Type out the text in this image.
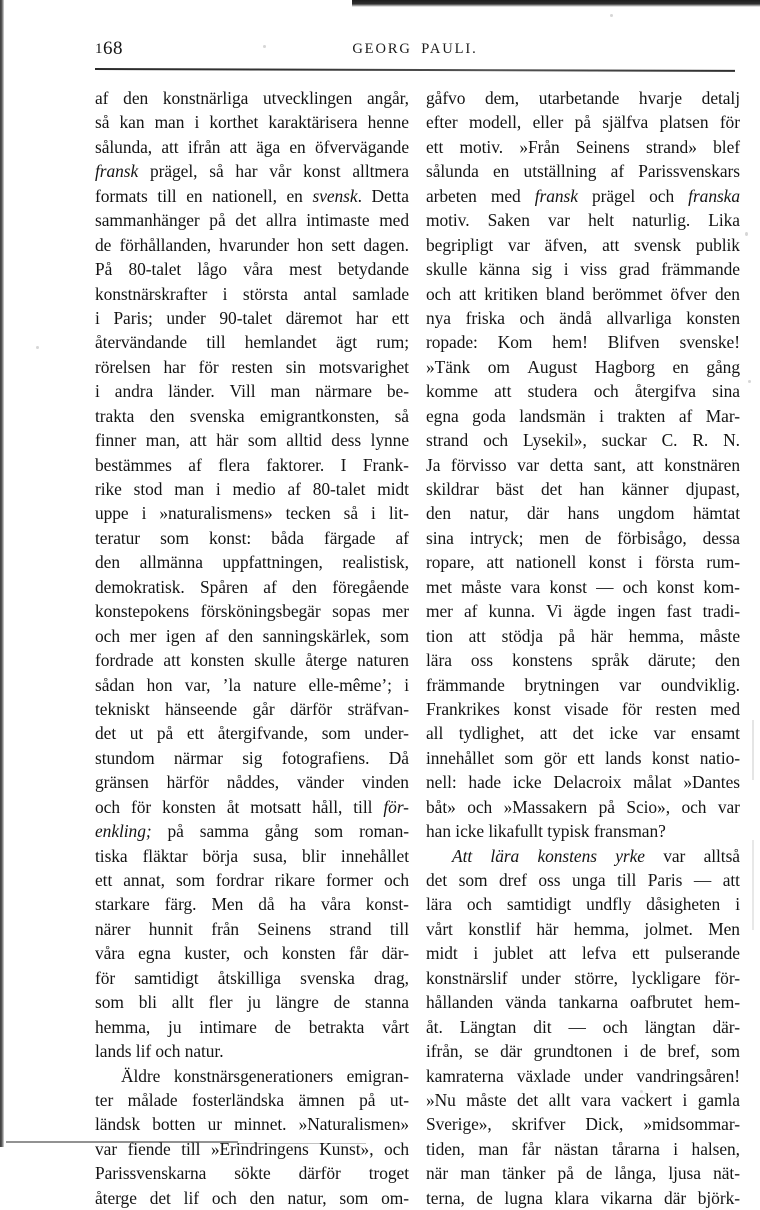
168	GEORG PAULI.
af den konstnärliga utvecklingen angår,
så kan man i korthet karaktärisera henne
sålunda, att ifrån att äga en öfvervägande
fransk prägel, så har vår konst alltmera
formats till en nationell, en svensk. Detta
sammanhänger på det allra intimaste med
de förhållanden, hvarunder hon sett dagen.
På 80-talet lågo våra mest betydande
konstnärskrafter i största antal samlade
i Paris; under 90-talet däremot har ett
återvändande till hemlandet ägt rum;
rörelsen har för resten sin motsvarighet
i andra länder. Vill man närmare be-
trakta den svenska emigrantkonsten, så
finner man, att här som alltid dess lynne
bestämmes af flera faktorer. I Frank-
rike stod man i medio af 80-talet midt
uppe i »naturalismens» tecken så i lit-
teratur som konst: båda färgade af
den allmänna uppfattningen, realistisk,
demokratisk. Spåren af den föregående
konstepokens försköningsbegär sopas mer
och mer igen af den sanningskärlek, som
fordrade att konsten skulle återge naturen
sådan hon var, ’la nature elle-même’; i
tekniskt hänseende går därför sträfvan-
det ut på ett återgifvande, som under-
stundom närmar sig fotografiens. Då
gränsen härför nåddes, vänder vinden
och för konsten åt motsatt håll, till för-
enkling; på samma gång som roman-
tiska fläktar börja susa, blir innehållet
ett annat, som fordrar rikare former och
starkare färg. Men då ha våra konst-
närer hunnit från Seinens strand till
våra egna kuster, och konsten får där-
för samtidigt åtskilliga svenska drag,
som bli allt fler ju längre de stanna
hemma, ju intimare de betrakta vårt
lands lif och natur.
Äldre konstnärsgenerationers emigran-
ter målade fosterländska ämnen på ut-
ländsk botten ur minnet. »Naturalismen»
var fiende till »Erindringens Kunst», och
Parissvenskarna sökte därför troget
återge det lif och den natur, som om-
gåfvo dem, utarbetande hvarje detalj
efter modell, eller på själfva platsen för
ett motiv. »Från Seinens strand» blef
sålunda en utställning af Parissvenskars
arbeten med fransk prägel och franska
motiv. Saken var helt naturlig. Lika
begripligt var äfven, att svensk publik
skulle känna sig i viss grad främmande
och att kritiken bland berömmet öfver den
nya friska och ändå allvarliga konsten
ropade: Kom hem! Blifven svenske!
»Tänk om August Hagborg en gång
komme att studera och återgifva sina
egna goda landsmän i trakten af Mar-
strand och Lysekil», suckar C. R. N.
Ja förvisso var detta sant, att konstnären
skildrar bäst det han känner djupast,
den natur, där hans ungdom hämtat
sina intryck; men de förbisågo, dessa
ropare, att nationell konst i första rum-
met måste vara konst — och konst kom-
mer af kunna. Vi ägde ingen fast tradi-
tion att stödja på här hemma, måste
lära oss konstens språk därute; den
främmande brytningen var oundviklig.
Frankrikes konst visade för resten med
all tydlighet, att det icke var ensamt
innehållet som gör ett lands konst natio-
nell: hade icke Delacroix målat »Dantes
båt» och »Massakern på Scio», och var
han icke likafullt typisk fransman?
Att lära konstens yrke var alltså
det som dref oss unga till Paris — att
lära och samtidigt undfly dåsigheten i
vårt konstlif här hemma, jolmet. Men
midt i jublet att lefva ett pulserande
konstnärslif under större, lyckligare för-
hållanden vända tankarna oafbrutet hem-
åt. Längtan dit — och längtan där-
ifrån, se där grundtonen i de bref, som
kamraterna växlade under vandringsåren!
»Nu måste det allt vara vackert i gamla
Sverige», skrifver Dick, »midsommar-
tiden, man får nästan tårarna i halsen,
när man tänker på de långa, ljusa nät-
terna, de lugna klara vikarna där björk-
